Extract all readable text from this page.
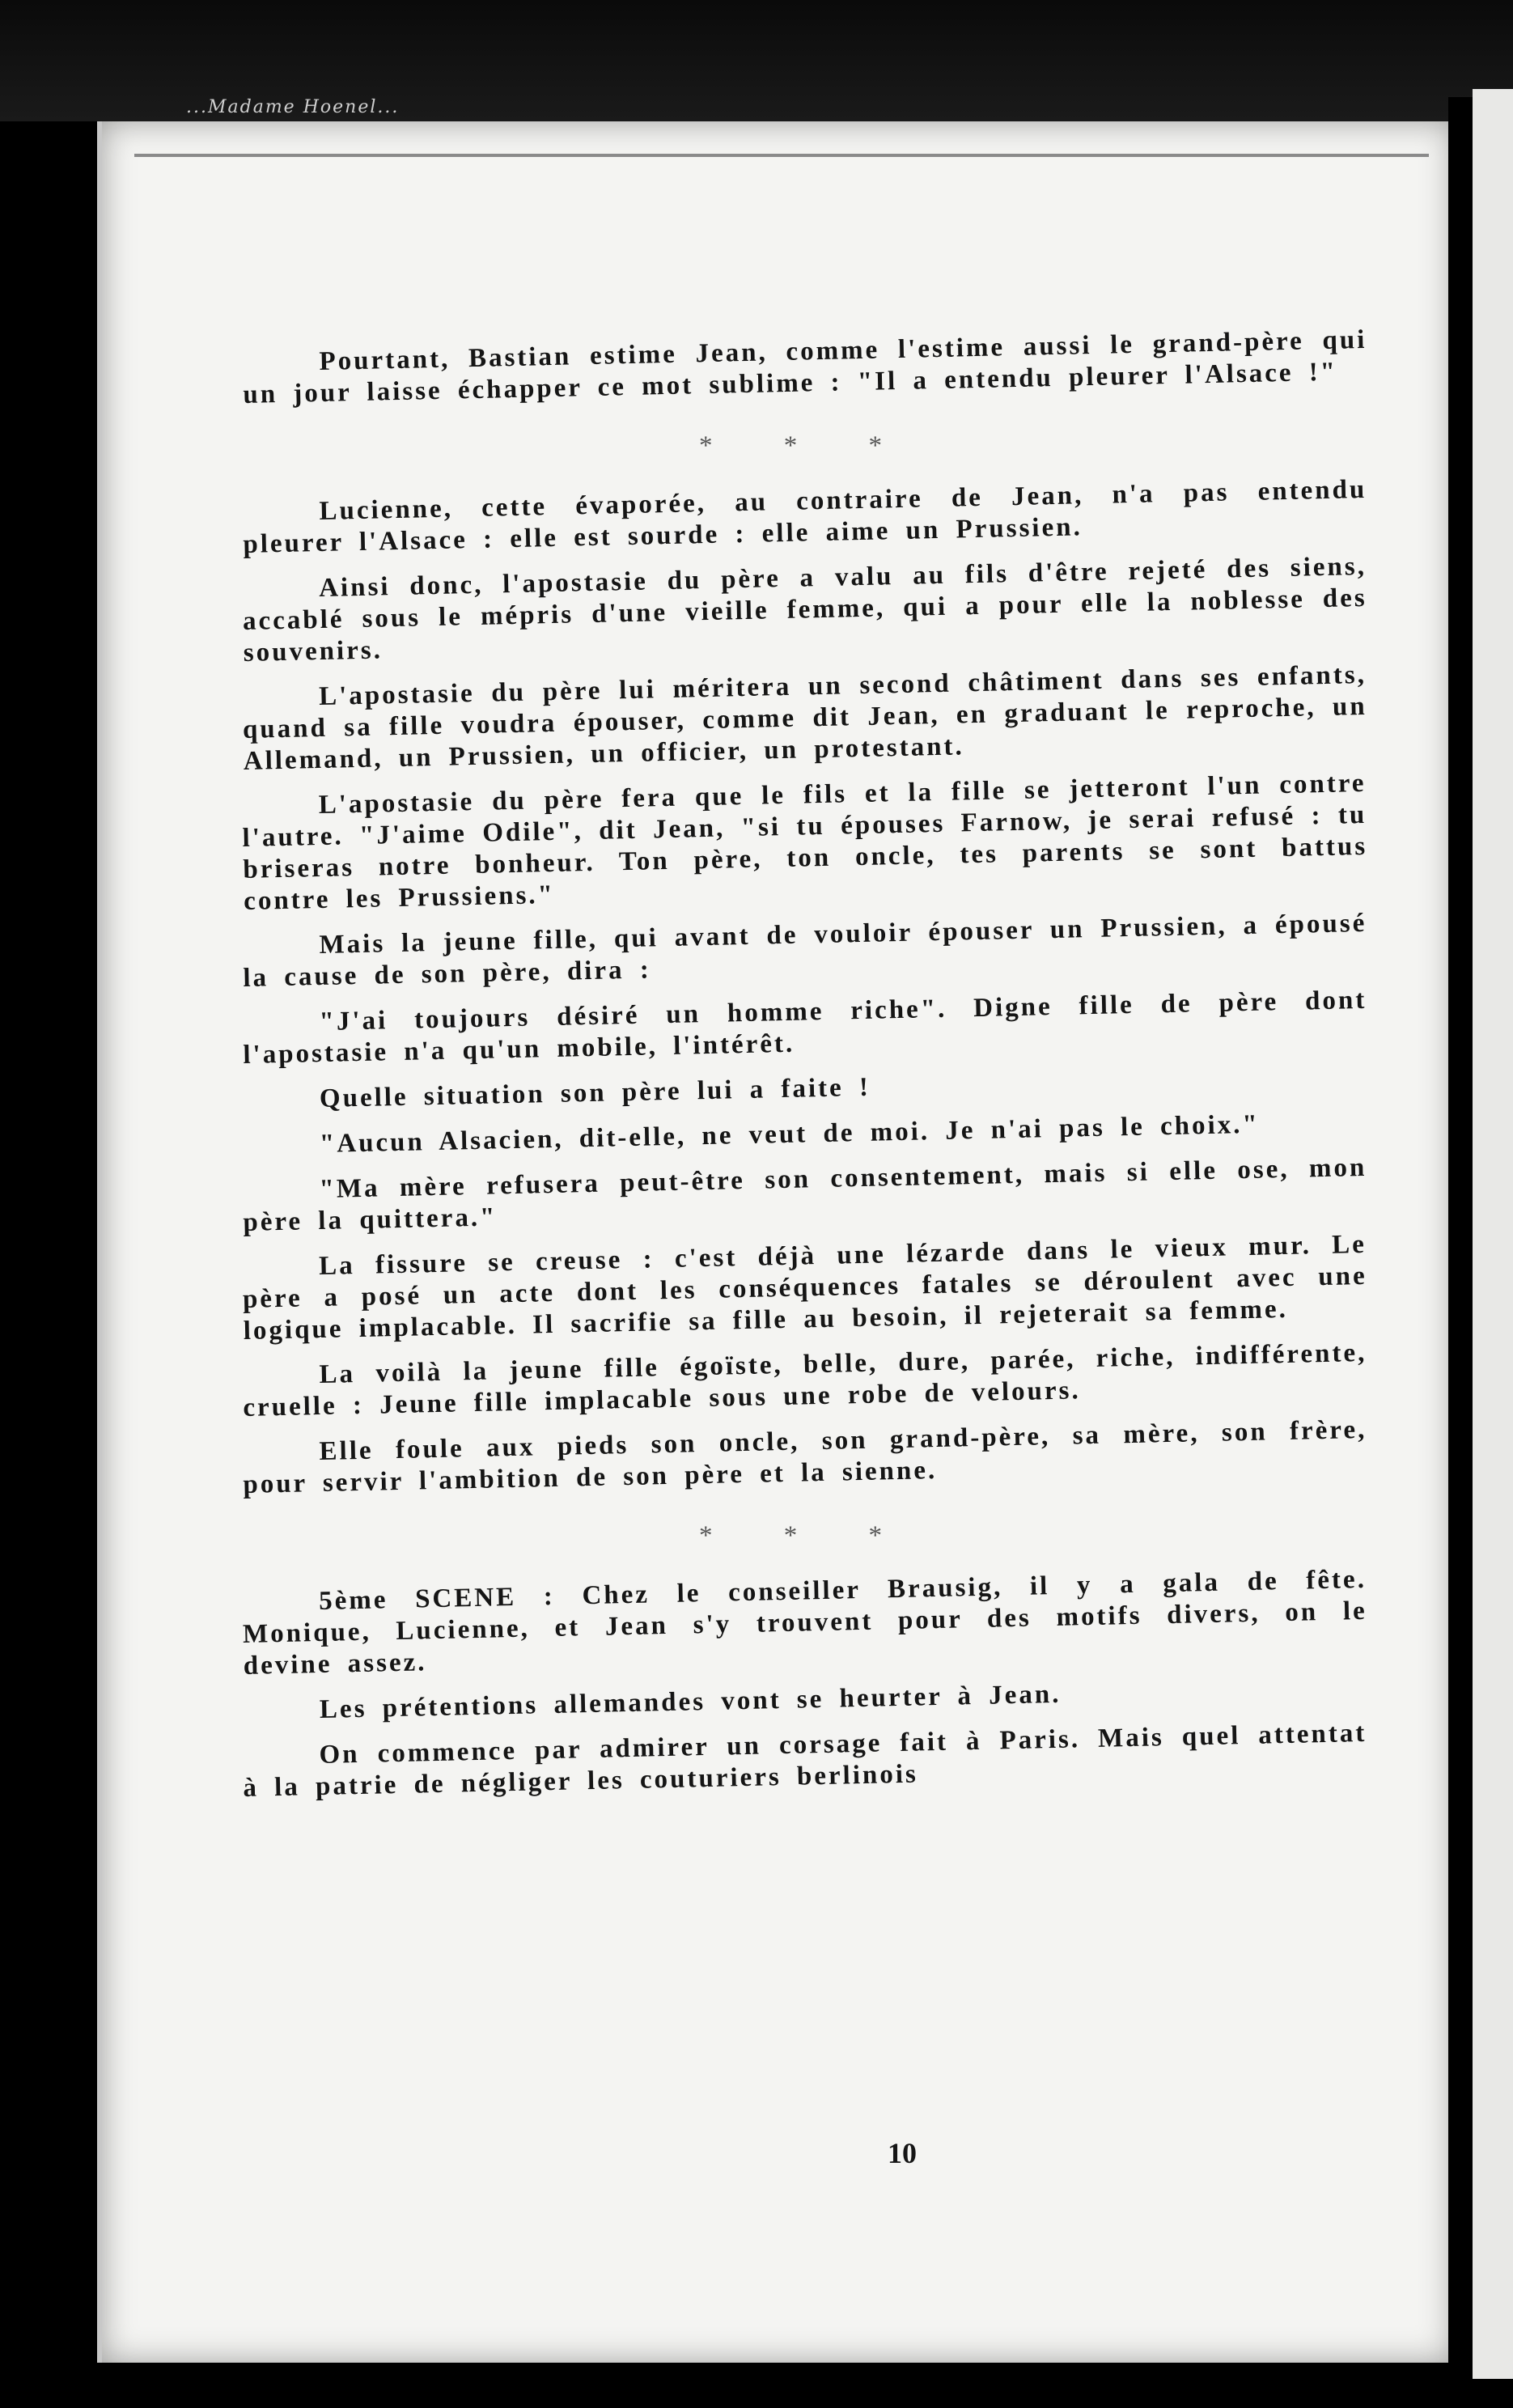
...Madame Hoenel...

Pourtant, Bastian estime Jean, comme l'estime aussi le grand-père qui un jour laisse échapper ce mot sublime : "Il a entendu pleurer l'Alsace !"

* * *

Lucienne, cette évaporée, au contraire de Jean, n'a pas entendu pleurer l'Alsace : elle est sourde : elle aime un Prussien.

Ainsi donc, l'apostasie du père a valu au fils d'être rejeté des siens, accablé sous le mépris d'une vieille femme, qui a pour elle la noblesse des souvenirs.

L'apostasie du père lui méritera un second châtiment dans ses enfants, quand sa fille voudra épouser, comme dit Jean, en graduant le reproche, un Allemand, un Prussien, un officier, un protestant.

L'apostasie du père fera que le fils et la fille se jetteront l'un contre l'autre. "J'aime Odile", dit Jean, "si tu épouses Farnow, je serai refusé : tu briseras notre bonheur. Ton père, ton oncle, tes parents se sont battus contre les Prussiens."

Mais la jeune fille, qui avant de vouloir épouser un Prussien, a épousé la cause de son père, dira :

"J'ai toujours désiré un homme riche". Digne fille de père dont l'apostasie n'a qu'un mobile, l'intérêt.

Quelle situation son père lui a faite !

"Aucun Alsacien, dit-elle, ne veut de moi. Je n'ai pas le choix."

"Ma mère refusera peut-être son consentement, mais si elle ose, mon père la quittera."

La fissure se creuse : c'est déjà une lézarde dans le vieux mur. Le père a posé un acte dont les conséquences fatales se déroulent avec une logique implacable. Il sacrifie sa fille au besoin, il rejeterait sa femme.

La voilà la jeune fille égoïste, belle, dure, parée, riche, indifférente, cruelle : Jeune fille implacable sous une robe de velours.

Elle foule aux pieds son oncle, son grand-père, sa mère, son frère, pour servir l'ambition de son père et la sienne.

* * *

5ème SCENE : Chez le conseiller Brausig, il y a gala de fête. Monique, Lucienne, et Jean s'y trouvent pour des motifs divers, on le devine assez.

Les prétentions allemandes vont se heurter à Jean.

On commence par admirer un corsage fait à Paris. Mais quel attentat à la patrie de négliger les couturiers berlinois

10
